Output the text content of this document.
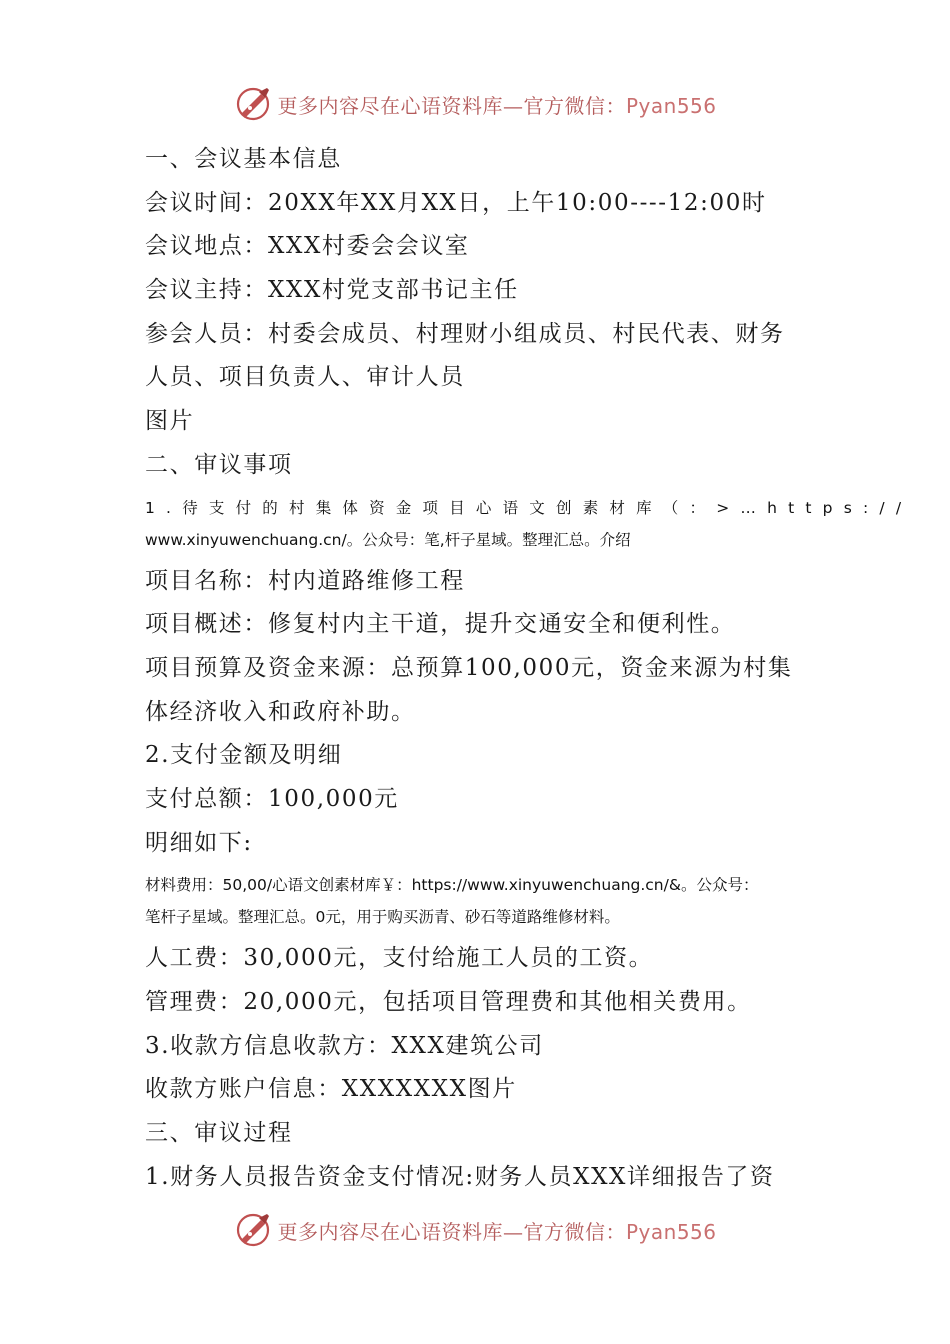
更多内容尽在心语资料库—官方微信：Pyan556
一、会议基本信息
会议时间：20XX年XX月XX日，上午10:00----12:00时
会议地点：XXX村委会会议室
会议主持：XXX村党支部书记主任
参会人员：村委会成员、村理财小组成员、村民代表、财务
人员、项目负责人、审计人员
图片
二、审议事项
1.待支付的村集体资金项目心语文创素材库（：>…https://
www.xinyuwenchuang.cn/。公众号：笔,杆子星域。整理汇总。介绍
项目名称：村内道路维修工程
项目概述：修复村内主干道，提升交通安全和便利性。
项目预算及资金来源：总预算100,000元，资金来源为村集
体经济收入和政府补助。
2.支付金额及明细
支付总额：100,000元
明细如下:
材料费用：50,00/心语文创素材库￥：https://www.xinyuwenchuang.cn/&。公众号：
笔杆子星域。整理汇总。0元，用于购买沥青、砂石等道路维修材料。
人工费：30,000元，支付给施工人员的工资。
管理费：20,000元，包括项目管理费和其他相关费用。
3.收款方信息收款方：XXX建筑公司
收款方账户信息：XXXXXXX图片
三、审议过程
1.财务人员报告资金支付情况:财务人员XXX详细报告了资
更多内容尽在心语资料库—官方微信：Pyan556
